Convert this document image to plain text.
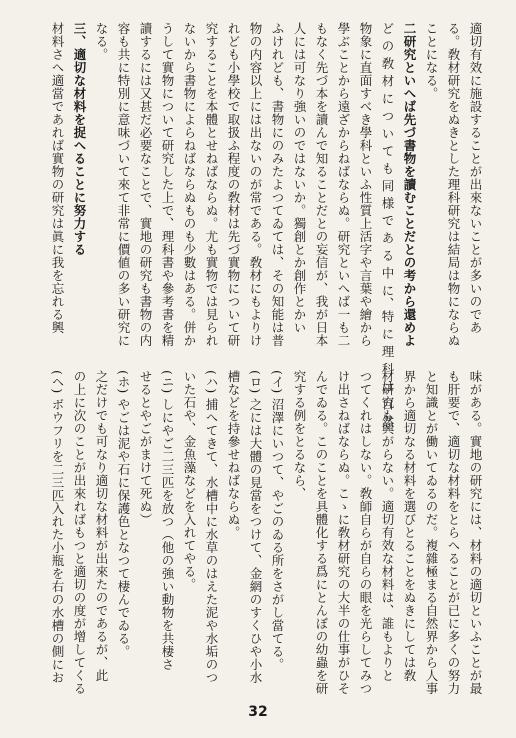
適切有效に施設することが出來ないことが多いのであ
る。敎材研究をぬきとした理科研究は結局は物にならぬ
ことになる。
二研究といへば先づ書物を讀むことだとの考から還めよ
ど の 敎 材 に つ い て も 同 様 で あ る 中 に、特 に 理 科 は 自 然
物象に直面すべき學科といふ性質上活字や言葉や繪から
學ぶことから遠ざからねばならぬ。研究といへば一も二
もなく先づ本を讀んで知ることだとの妄信が、我が日本
人には可なり強いのではないか。獨創とか創作とかい
ふけれども、書物にのみたよつてゐては、その知能は普
物の内容以上には出ないのが常である。敎材にもよりけ
れども小學校で取扱ふ程度の敎材は先づ實物について研
究することを本體とせねばならぬ。尤も實物では見られ
ないから書物によらねばならぬものも少數はある。併か
うして實物について研究した上で、理科書や參考書を精
讀するには又甚だ必要なことで、實地の研究も書物の内
容も共に特別に意味づいて來て非常に價値の多い研究に
なる。
三、適切な材料を捉へることに努力する
材料さへ適當であれば實物の研究は眞に我を忘れる興
味がある。實地の研究には、材料の適切といふことが最
も肝要で、適切な材料をとらへることが已に多くの努力
と知識とが働いてゐるのだ。複雜極まる自然界から人事
界から適切なる材料を選びとることをぬきにしては敎
材研究も興がらない。適切有效な材料は、誰もよりと
つてくれはしない。敎師自らが自らの眼を光らしてみつ
け出さねばならぬ。こゝに敎材研究の大半の仕事がひそ
んでゐる。このことを具體化する爲にとんぼの幼蟲を研
究する例をとるなら、
(イ) 沼澤にいつて、やごのゐる所をさがし當てる。
(ロ) 之には大體の見當をつけて、金網のすくひや小水
槽などを持參せねばならぬ。
(ハ) 捕へてきて、水槽中に水草のはえた泥や水垢のつ
いた石や、金魚藻などを入れてやる。
(ニ) しにやご二三匹を放つ（他の強い動物を共棲さ
せるとやごがまけて死ぬ）
(ホ) やごは泥や石に保護色となつて棲んでゐる。
之だけでも可なり適切な材料が出來たのであるが、此
の上に次のことが出來ればもつと適切の度が增してくる
(ヘ) ボウフリを二三匹入れた小瓶を右の水槽の側にお
32
